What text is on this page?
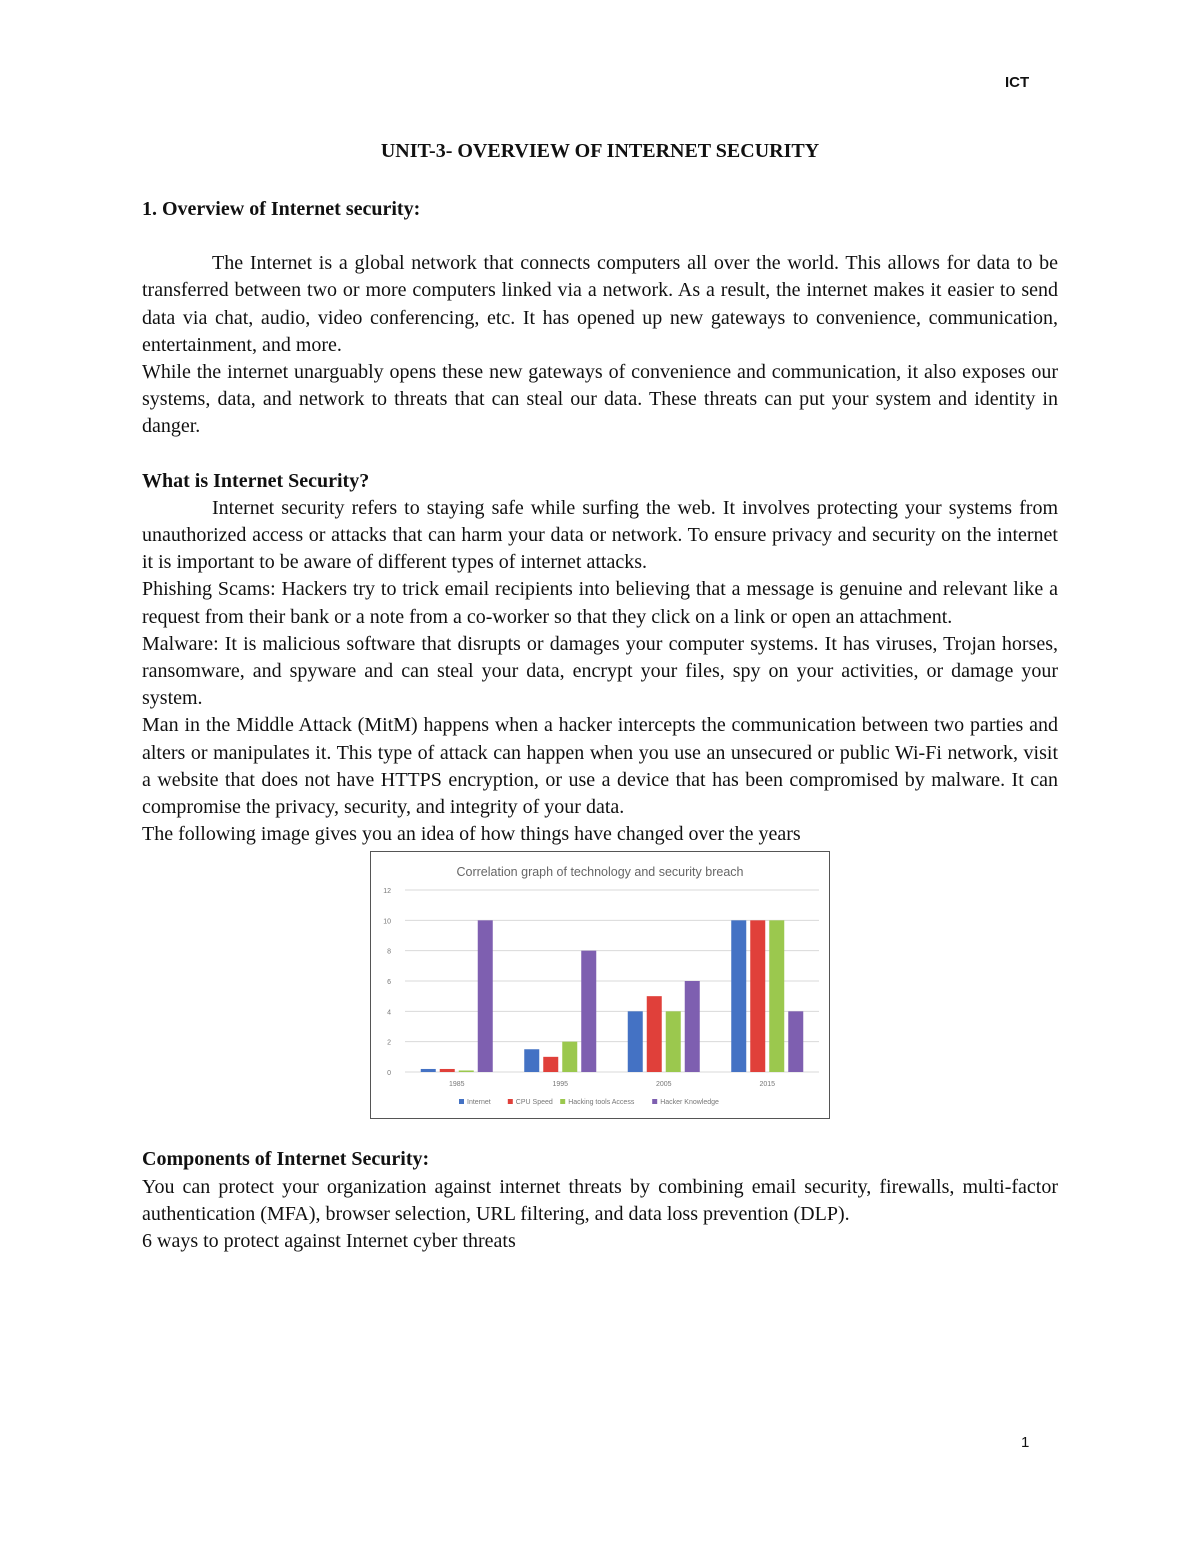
ICT
UNIT-3- OVERVIEW OF INTERNET SECURITY

1. Overview of Internet security:

The Internet is a global network that connects computers all over the world. This allows for data to be transferred between two or more computers linked via a network. As a result, the internet makes it easier to send data via chat, audio, video conferencing, etc. It has opened up new gateways to convenience, communication, entertainment, and more.

While the internet unarguably opens these new gateways of convenience and communication, it also exposes our systems, data, and network to threats that can steal our data. These threats can put your system and identity in danger.

What is Internet Security?

Internet security refers to staying safe while surfing the web. It involves protecting your systems from unauthorized access or attacks that can harm your data or network. To ensure privacy and security on the internet it is important to be aware of different types of internet attacks.

Phishing Scams: Hackers try to trick email recipients into believing that a message is genuine and relevant like a request from their bank or a note from a co-worker so that they click on a link or open an attachment.

Malware: It is malicious software that disrupts or damages your computer systems. It has viruses, Trojan horses, ransomware, and spyware and can steal your data, encrypt your files, spy on your activities, or damage your system.

Man in the Middle Attack (MitM) happens when a hacker intercepts the communication between two parties and alters or manipulates it. This type of attack can happen when you use an unsecured or public Wi-Fi network, visit a website that does not have HTTPS encryption, or use a device that has been compromised by malware. It can compromise the privacy, security, and integrity of your data.

The following image gives you an idea of how things have changed over the years

Correlation graph of technology and security breach
0
2
4
6
8
10
12
1985	1995	2005	2015
Internet	CPU Speed Hacking tools Access	Hacker Knowledge

Components of Internet Security:

You can protect your organization against internet threats by combining email security, firewalls, multi-factor authentication (MFA), browser selection, URL filtering, and data loss prevention (DLP).

6 ways to protect against Internet cyber threats

1
